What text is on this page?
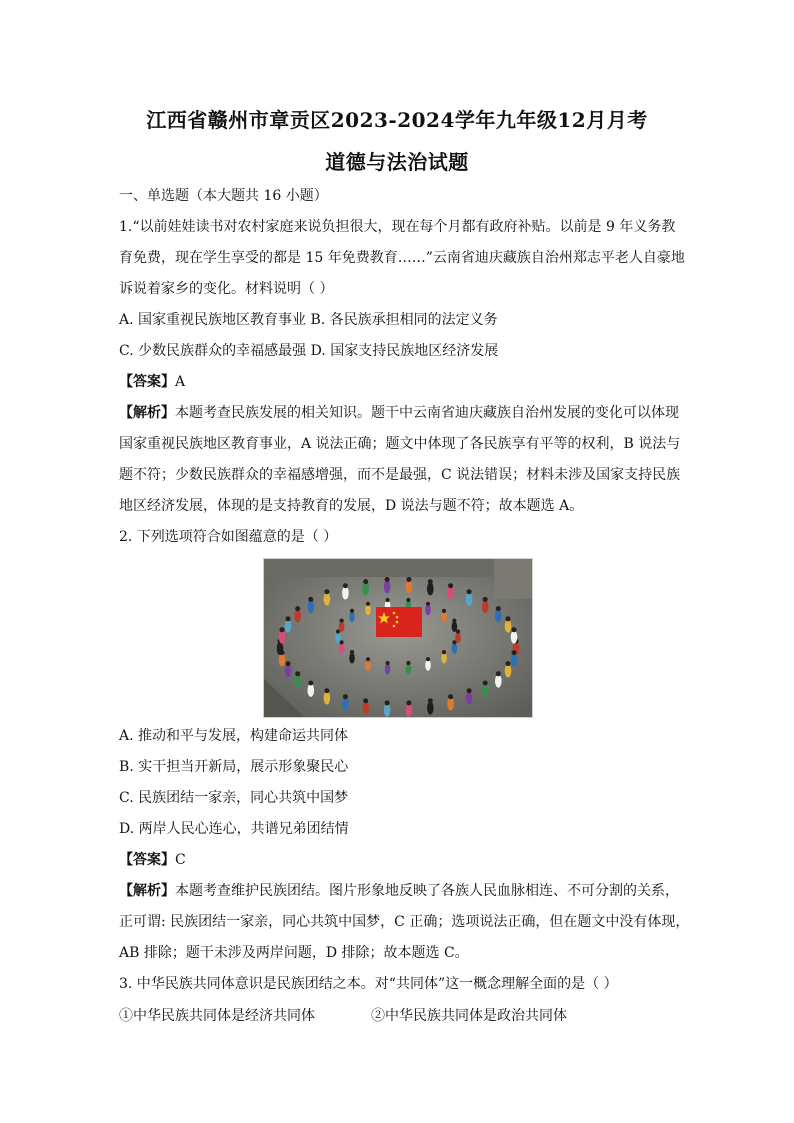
江西省赣州市章贡区2023-2024学年九年级12月月考
道德与法治试题
一、单选题（本大题共 16 小题）
1.“以前娃娃读书对农村家庭来说负担很大，现在每个月都有政府补贴。以前是 9 年义务教
育免费，现在学生享受的都是 15 年免费教育……”云南省迪庆藏族自治州郑志平老人自豪地
诉说着家乡的变化。材料说明（ ）
A. 国家重视民族地区教育事业 B. 各民族承担相同的法定义务
C. 少数民族群众的幸福感最强 D. 国家支持民族地区经济发展
【答案】A
【解析】本题考查民族发展的相关知识。题干中云南省迪庆藏族自治州发展的变化可以体现
国家重视民族地区教育事业，A 说法正确；题文中体现了各民族享有平等的权利，B 说法与
题不符；少数民族群众的幸福感增强，而不是最强，C 说法错误；材料未涉及国家支持民族
地区经济发展，体现的是支持教育的发展，D 说法与题不符；故本题选 A。
2. 下列选项符合如图蕴意的是（ ）
A. 推动和平与发展，构建命运共同体
B. 实干担当开新局，展示形象聚民心
C. 民族团结一家亲，同心共筑中国梦
D. 两岸人民心连心，共谱兄弟团结情
【答案】C
【解析】本题考查维护民族团结。图片形象地反映了各族人民血脉相连、不可分割的关系，
正可谓: 民族团结一家亲，同心共筑中国梦，C 正确；选项说法正确，但在题文中没有体现，
AB 排除；题干未涉及两岸问题，D 排除；故本题选 C。
3. 中华民族共同体意识是民族团结之本。对“共同体”这一概念理解全面的是（ ）
①中华民族共同体是经济共同体	②中华民族共同体是政治共同体
